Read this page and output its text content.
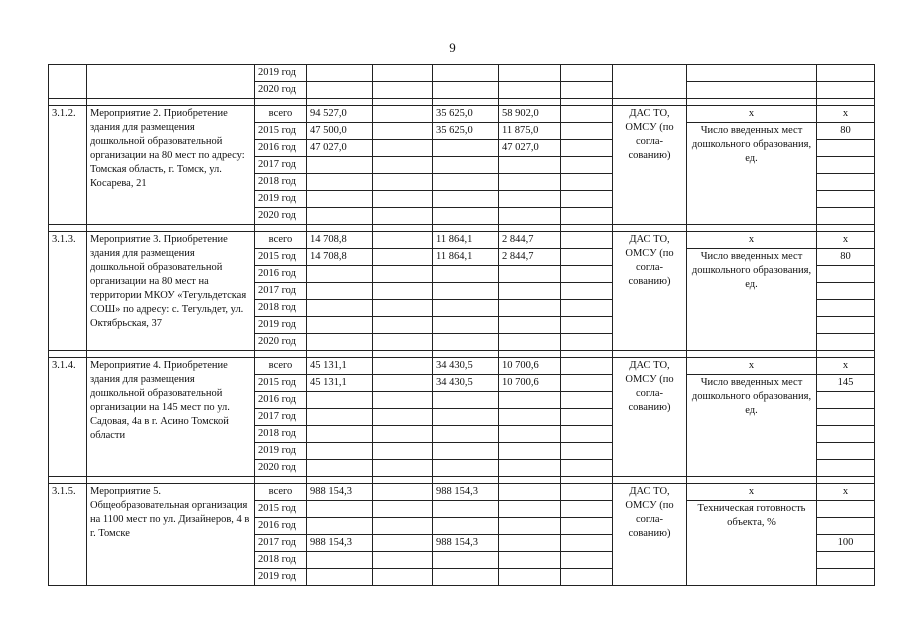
9
		2019 год								
		2020 год								

3.1.2.	Мероприятие 2. Приобретение здания для размещения дошкольной образовательной организации на 80 мест по адресу: Томская область, г. Томск, ул. Косарева, 21	всего	94 527,0		35 625,0	58 902,0		ДАС ТО, ОМСУ (по согла-сованию)	x	x
		2015 год	47 500,0		35 625,0	11 875,0			Число введенных мест дошкольного образования, ед.	80
		2016 год	47 027,0			47 027,0				
		2017 год								
		2018 год								
		2019 год								
		2020 год								

3.1.3.	Мероприятие 3. Приобретение здания для размещения дошкольной образовательной организации на 80 мест на территории МКОУ «Тегульдетская СОШ» по адресу: с. Тегульдет, ул. Октябрьская, 37	всего	14 708,8		11 864,1	2 844,7		ДАС ТО, ОМСУ (по согла-сованию)	x	x
		2015 год	14 708,8		11 864,1	2 844,7			Число введенных мест дошкольного образования, ед.	80
		2016 год								
		2017 год								
		2018 год								
		2019 год								
		2020 год								

3.1.4.	Мероприятие 4. Приобретение здания для размещения дошкольной образовательной организации на 145 мест по ул. Садовая, 4а в г. Асино Томской области	всего	45 131,1		34 430,5	10 700,6		ДАС ТО, ОМСУ (по согла-сованию)	x	x
		2015 год	45 131,1		34 430,5	10 700,6			Число введенных мест дошкольного образования, ед.	145
		2016 год								
		2017 год								
		2018 год								
		2019 год								
		2020 год								

3.1.5.	Мероприятие 5. Общеобразовательная организация на 1100 мест по ул. Дизайнеров, 4 в г. Томске	всего	988 154,3		988 154,3			ДАС ТО, ОМСУ (по согла-сованию)	x	x
		2015 год							Техническая готовность объекта, %	
		2016 год								
		2017 год	988 154,3		988 154,3					100
		2018 год								
		2019 год								
